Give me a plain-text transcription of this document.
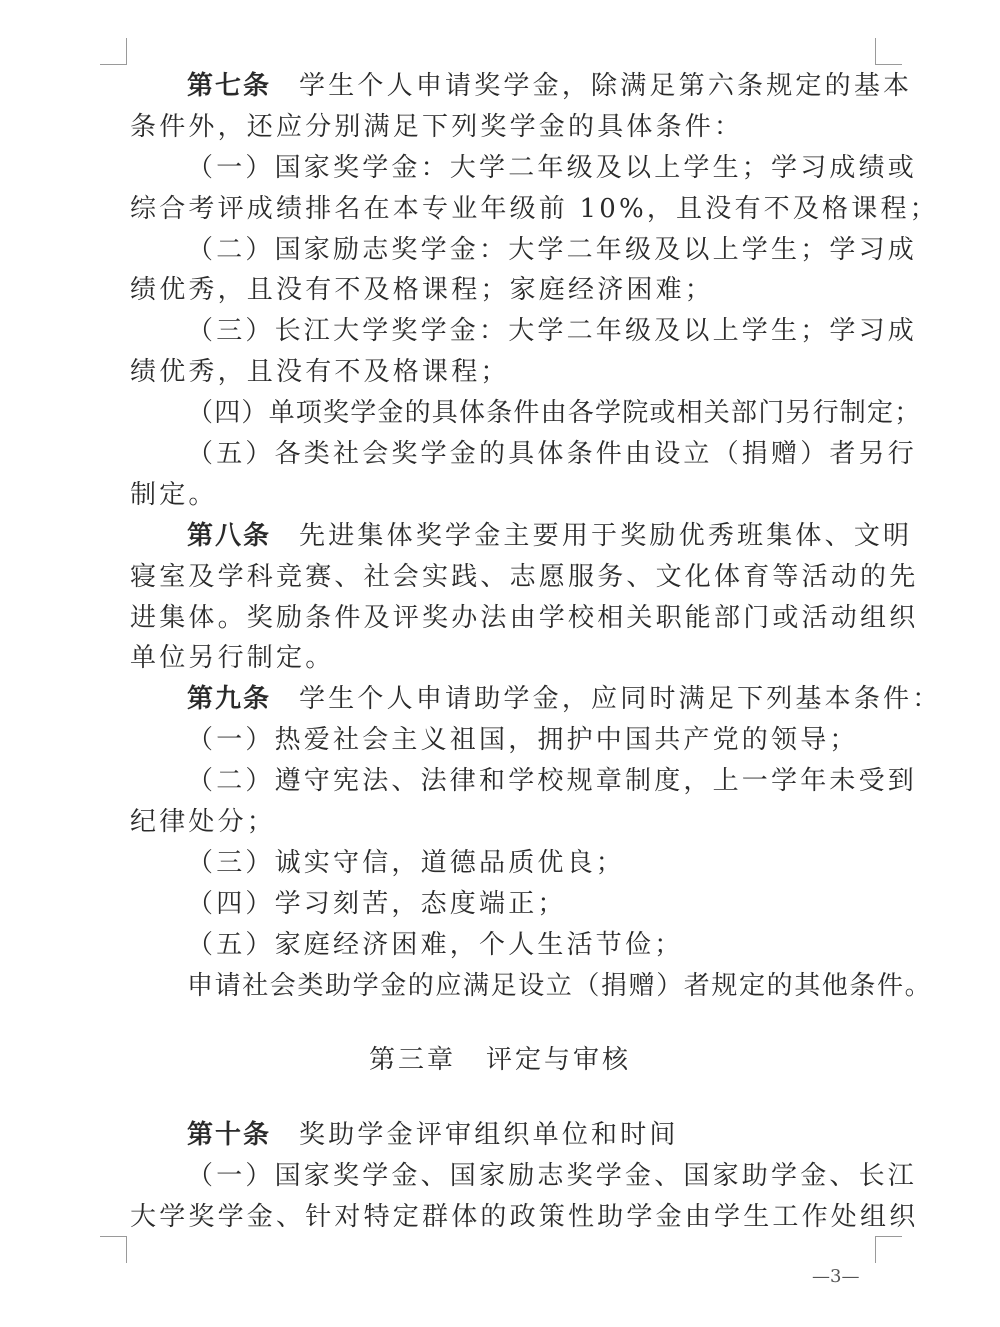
第七条 学生个人申请奖学金，除满足第六条规定的基本
条件外，还应分别满足下列奖学金的具体条件：
（一）国家奖学金：大学二年级及以上学生；学习成绩或
综合考评成绩排名在本专业年级前 10%，且没有不及格课程；
（二）国家励志奖学金：大学二年级及以上学生；学习成
绩优秀，且没有不及格课程；家庭经济困难；
（三）长江大学奖学金：大学二年级及以上学生；学习成
绩优秀，且没有不及格课程；
（四）单项奖学金的具体条件由各学院或相关部门另行制定；
（五）各类社会奖学金的具体条件由设立（捐赠）者另行
制定。
第八条 先进集体奖学金主要用于奖励优秀班集体、文明
寝室及学科竞赛、社会实践、志愿服务、文化体育等活动的先
进集体。奖励条件及评奖办法由学校相关职能部门或活动组织
单位另行制定。
第九条 学生个人申请助学金，应同时满足下列基本条件：
（一）热爱社会主义祖国，拥护中国共产党的领导；
（二）遵守宪法、法律和学校规章制度，上一学年未受到
纪律处分；
（三）诚实守信，道德品质优良；
（四）学习刻苦，态度端正；
（五）家庭经济困难，个人生活节俭；
申请社会类助学金的应满足设立（捐赠）者规定的其他条件。
第三章 评定与审核
第十条 奖助学金评审组织单位和时间
（一）国家奖学金、国家励志奖学金、国家助学金、长江
大学奖学金、针对特定群体的政策性助学金由学生工作处组织
—3—
